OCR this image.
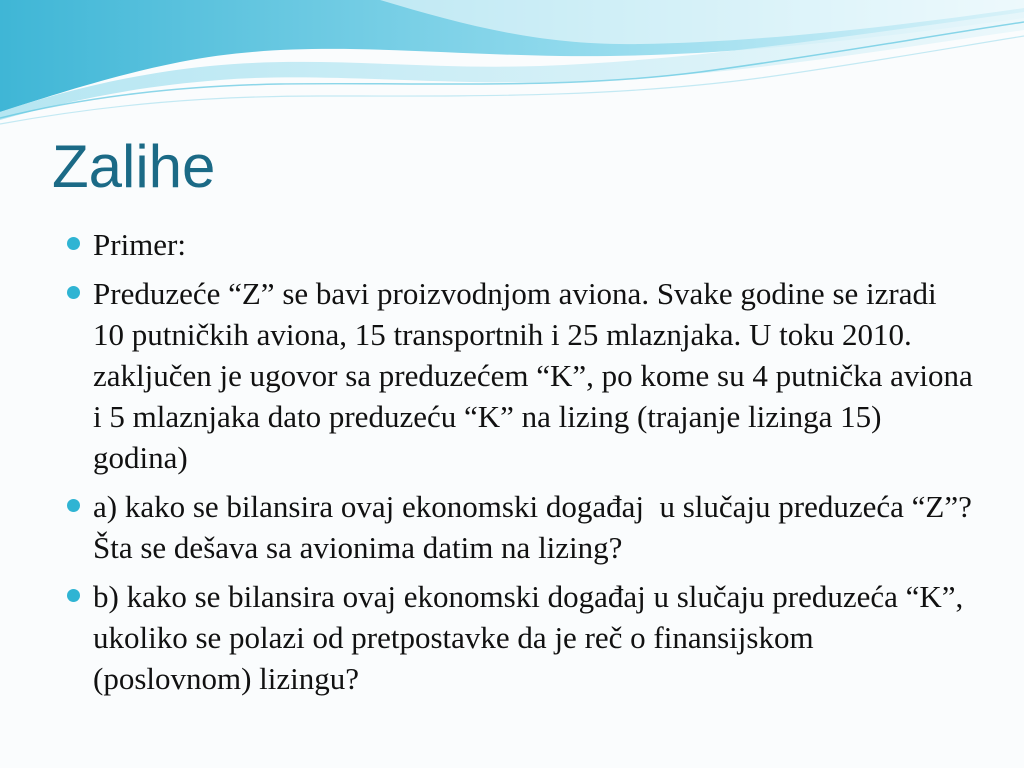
Zalihe
Primer:
Preduzeće “Z” se bavi proizvodnjom aviona. Svake godine se izradi 10 putničkih aviona, 15 transportnih i 25 mlaznjaka. U toku 2010. zaključen je ugovor sa preduzećem “K”, po kome su 4 putnička aviona i 5 mlaznjaka dato preduzeću “K” na lizing (trajanje lizinga 15) godina)
a) kako se bilansira ovaj ekonomski događaj  u slučaju preduzeća “Z”? Šta se dešava sa avionima datim na lizing?
b) kako se bilansira ovaj ekonomski događaj u slučaju preduzeća “K”, ukoliko se polazi od pretpostavke da je reč o finansijskom (poslovnom) lizingu?
